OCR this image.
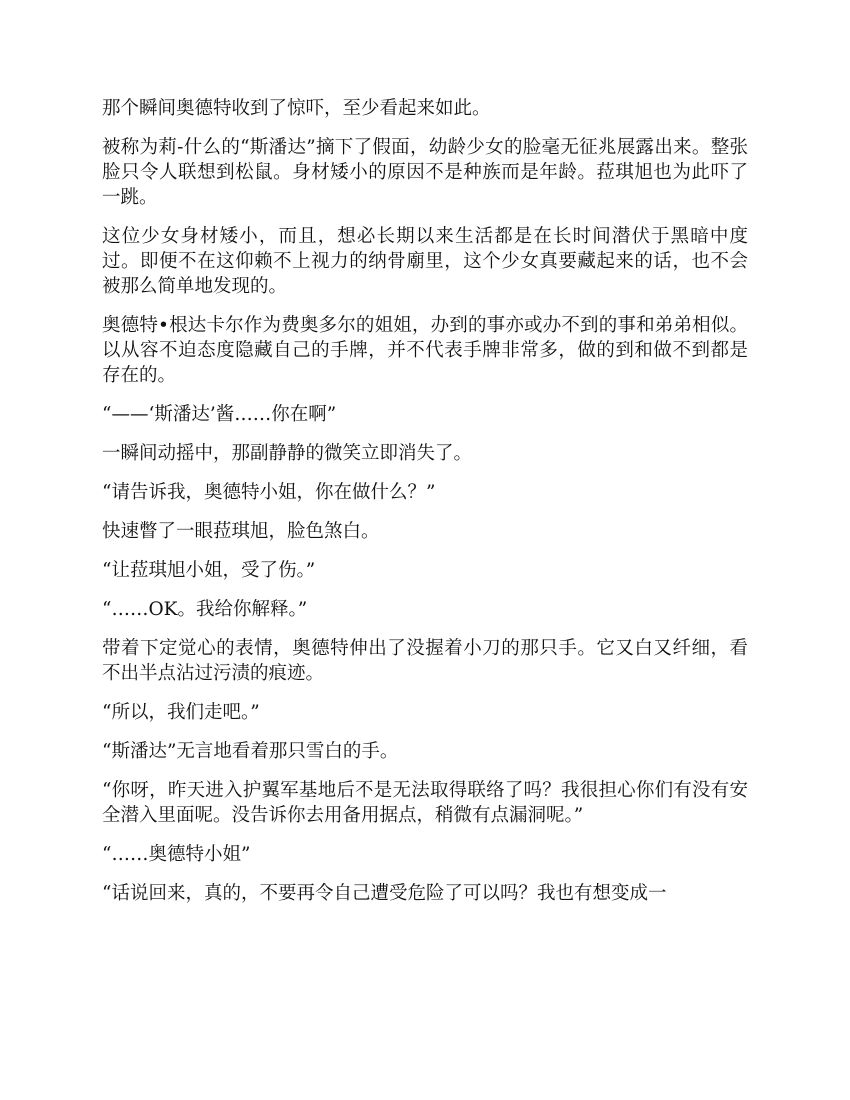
那个瞬间奥德特收到了惊吓，至少看起来如此。

被称为莉-什么的“斯潘达”摘下了假面，幼龄少女的脸毫无征兆展露出来。整张脸只令人联想到松鼠。身材矮小的原因不是种族而是年龄。菈琪旭也为此吓了一跳。

这位少女身材矮小，而且，想必长期以来生活都是在长时间潜伏于黑暗中度过。即便不在这仰赖不上视力的纳骨廟里，这个少女真要藏起来的话，也不会被那么简单地发现的。

奥德特•根达卡尔作为费奥多尔的姐姐，办到的事亦或办不到的事和弟弟相似。以从容不迫态度隐藏自己的手牌，并不代表手牌非常多，做的到和做不到都是存在的。

“——‘斯潘达’酱……你在啊”

一瞬间动摇中，那副静静的微笑立即消失了。

“请告诉我，奥德特小姐，你在做什么？”

快速瞥了一眼菈琪旭，脸色煞白。

“让菈琪旭小姐，受了伤。”

“……OK。我给你解释。”

带着下定觉心的表情，奥德特伸出了没握着小刀的那只手。它又白又纤细，看不出半点沾过污渍的痕迹。

“所以，我们走吧。”

“斯潘达”无言地看着那只雪白的手。

“你呀，昨天进入护翼军基地后不是无法取得联络了吗？我很担心你们有没有安全潜入里面呢。没告诉你去用备用据点，稍微有点漏洞呢。”

“……奥德特小姐”

“话说回来，真的，不要再令自己遭受危险了可以吗？我也有想变成一
